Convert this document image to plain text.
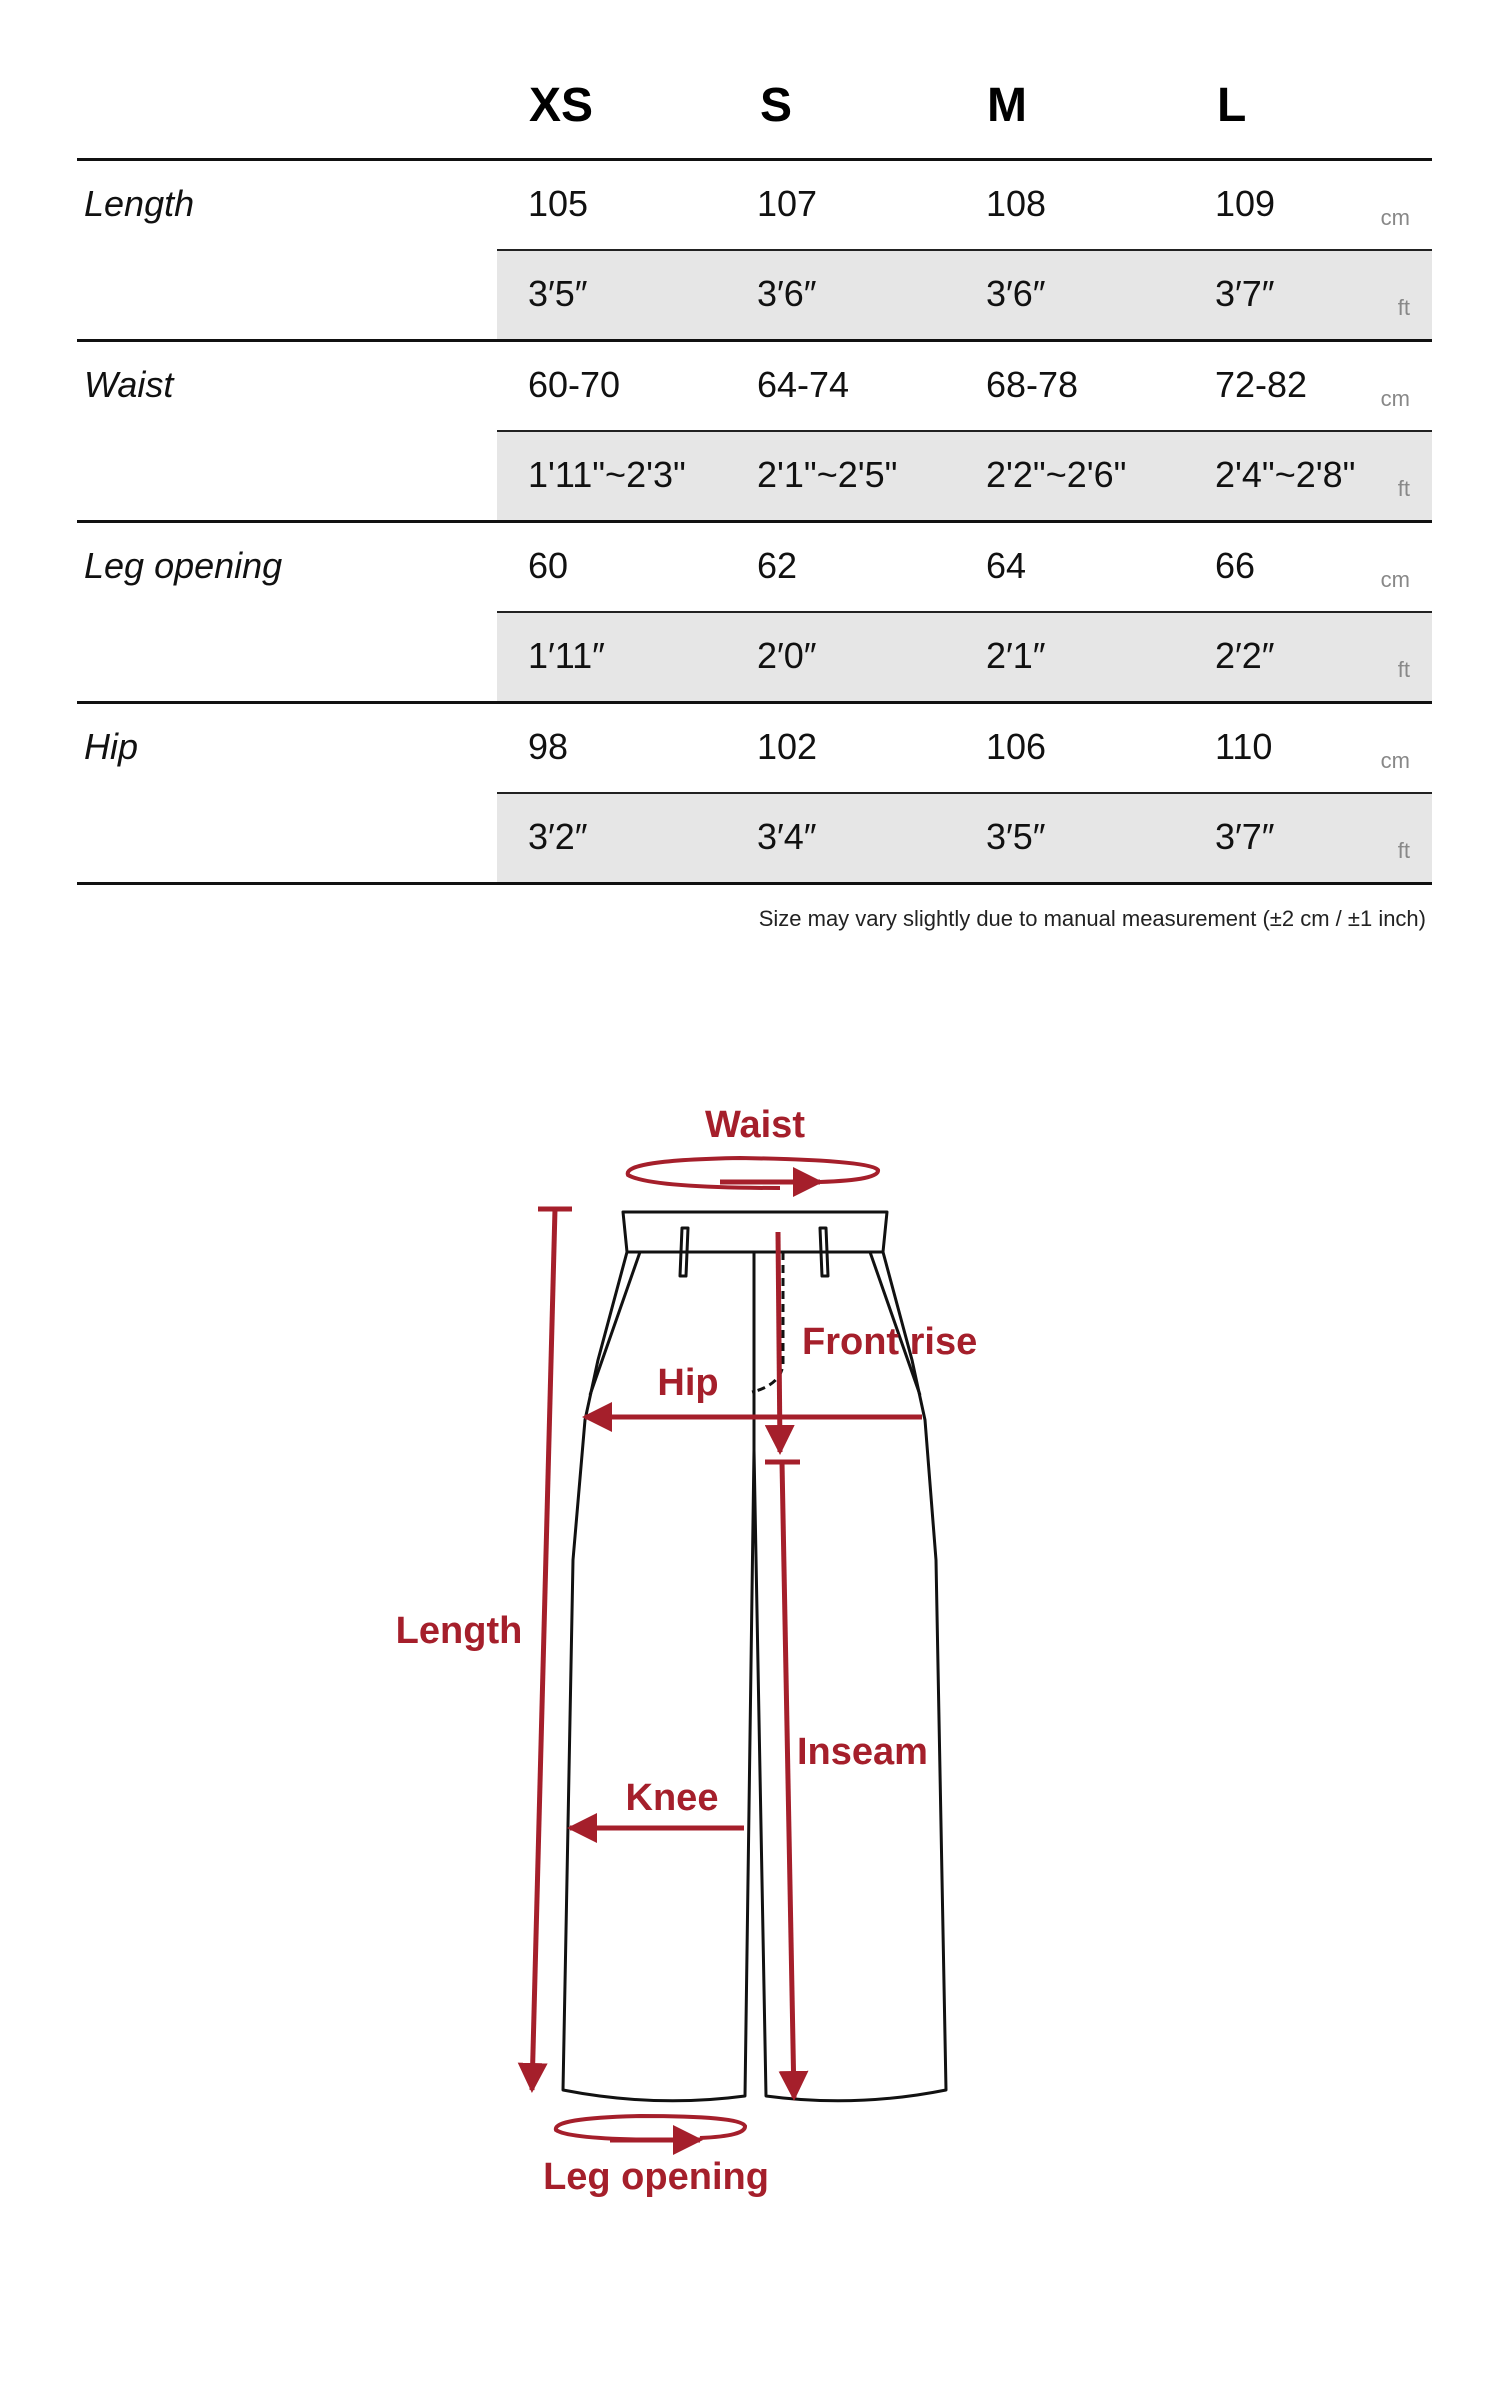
XS	S	M	L
Length	105	107	108	109	cm
3′5″	3′6″	3′6″	3′7″	ft
Waist	60-70	64-74	68-78	72-82	cm
1'11"~2'3" 2'1"~2'5" 2'2"~2'6" 2'4"~2'8" ft
Leg opening	60	62	64	66	cm
1′11″	2′0″	2′1″	2′2″	ft
Hip	98	102	106	110	cm
3′2″	3′4″	3′5″	3′7″	ft
Size may vary slightly due to manual measurement (±2 cm / ±1 inch)
Waist
Length
Front rise
Hip
Inseam
Knee
Leg opening
